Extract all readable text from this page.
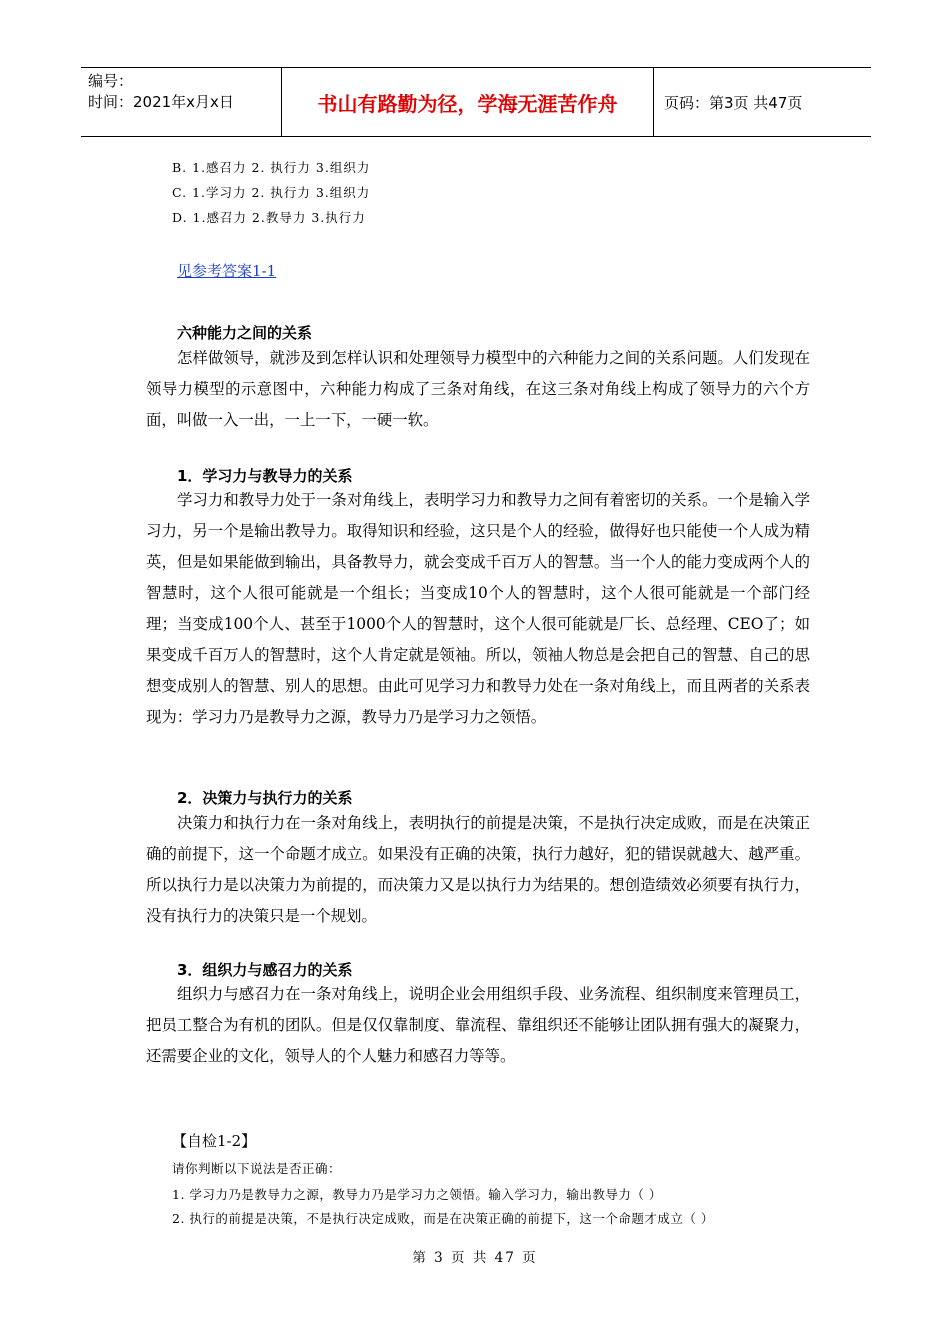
编号：
时间：2021年x月x日	书山有路勤为径，学海无涯苦作舟	页码：第3页 共47页
B. 1.感召力 2. 执行力 3.组织力
C. 1.学习力 2. 执行力 3.组织力
D. 1.感召力 2.教导力 3.执行力
见参考答案1-1
六种能力之间的关系

怎样做领导，就涉及到怎样认识和处理领导力模型中的六种能力之间的关系问题。人们发现在领导力模型的示意图中，六种能力构成了三条对角线，在这三条对角线上构成了领导力的六个方面，叫做一入一出，一上一下，一硬一软。

1．学习力与教导力的关系

学习力和教导力处于一条对角线上，表明学习力和教导力之间有着密切的关系。一个是输入学习力，另一个是输出教导力。取得知识和经验，这只是个人的经验，做得好也只能使一个人成为精英，但是如果能做到输出，具备教导力，就会变成千百万人的智慧。当一个人的能力变成两个人的智慧时，这个人很可能就是一个组长；当变成10个人的智慧时，这个人很可能就是一个部门经理；当变成100个人、甚至于1000个人的智慧时，这个人很可能就是厂长、总经理、CEO了；如果变成千百万人的智慧时，这个人肯定就是领袖。所以，领袖人物总是会把自己的智慧、自己的思想变成别人的智慧、别人的思想。由此可见学习力和教导力处在一条对角线上，而且两者的关系表现为：学习力乃是教导力之源，教导力乃是学习力之领悟。

2．决策力与执行力的关系

决策力和执行力在一条对角线上，表明执行的前提是决策，不是执行决定成败，而是在决策正确的前提下，这一个命题才成立。如果没有正确的决策，执行力越好，犯的错误就越大、越严重。所以执行力是以决策力为前提的，而决策力又是以执行力为结果的。想创造绩效必须要有执行力，没有执行力的决策只是一个规划。

3．组织力与感召力的关系

组织力与感召力在一条对角线上，说明企业会用组织手段、业务流程、组织制度来管理员工，把员工整合为有机的团队。但是仅仅靠制度、靠流程、靠组织还不能够让团队拥有强大的凝聚力，还需要企业的文化，领导人的个人魅力和感召力等等。

【自检1-2】
请你判断以下说法是否正确：
1. 学习力乃是教导力之源，教导力乃是学习力之领悟。输入学习力，输出教导力（ ）
2. 执行的前提是决策，不是执行决定成败，而是在决策正确的前提下，这一个命题才成立（ ）
第 3 页 共 47 页
